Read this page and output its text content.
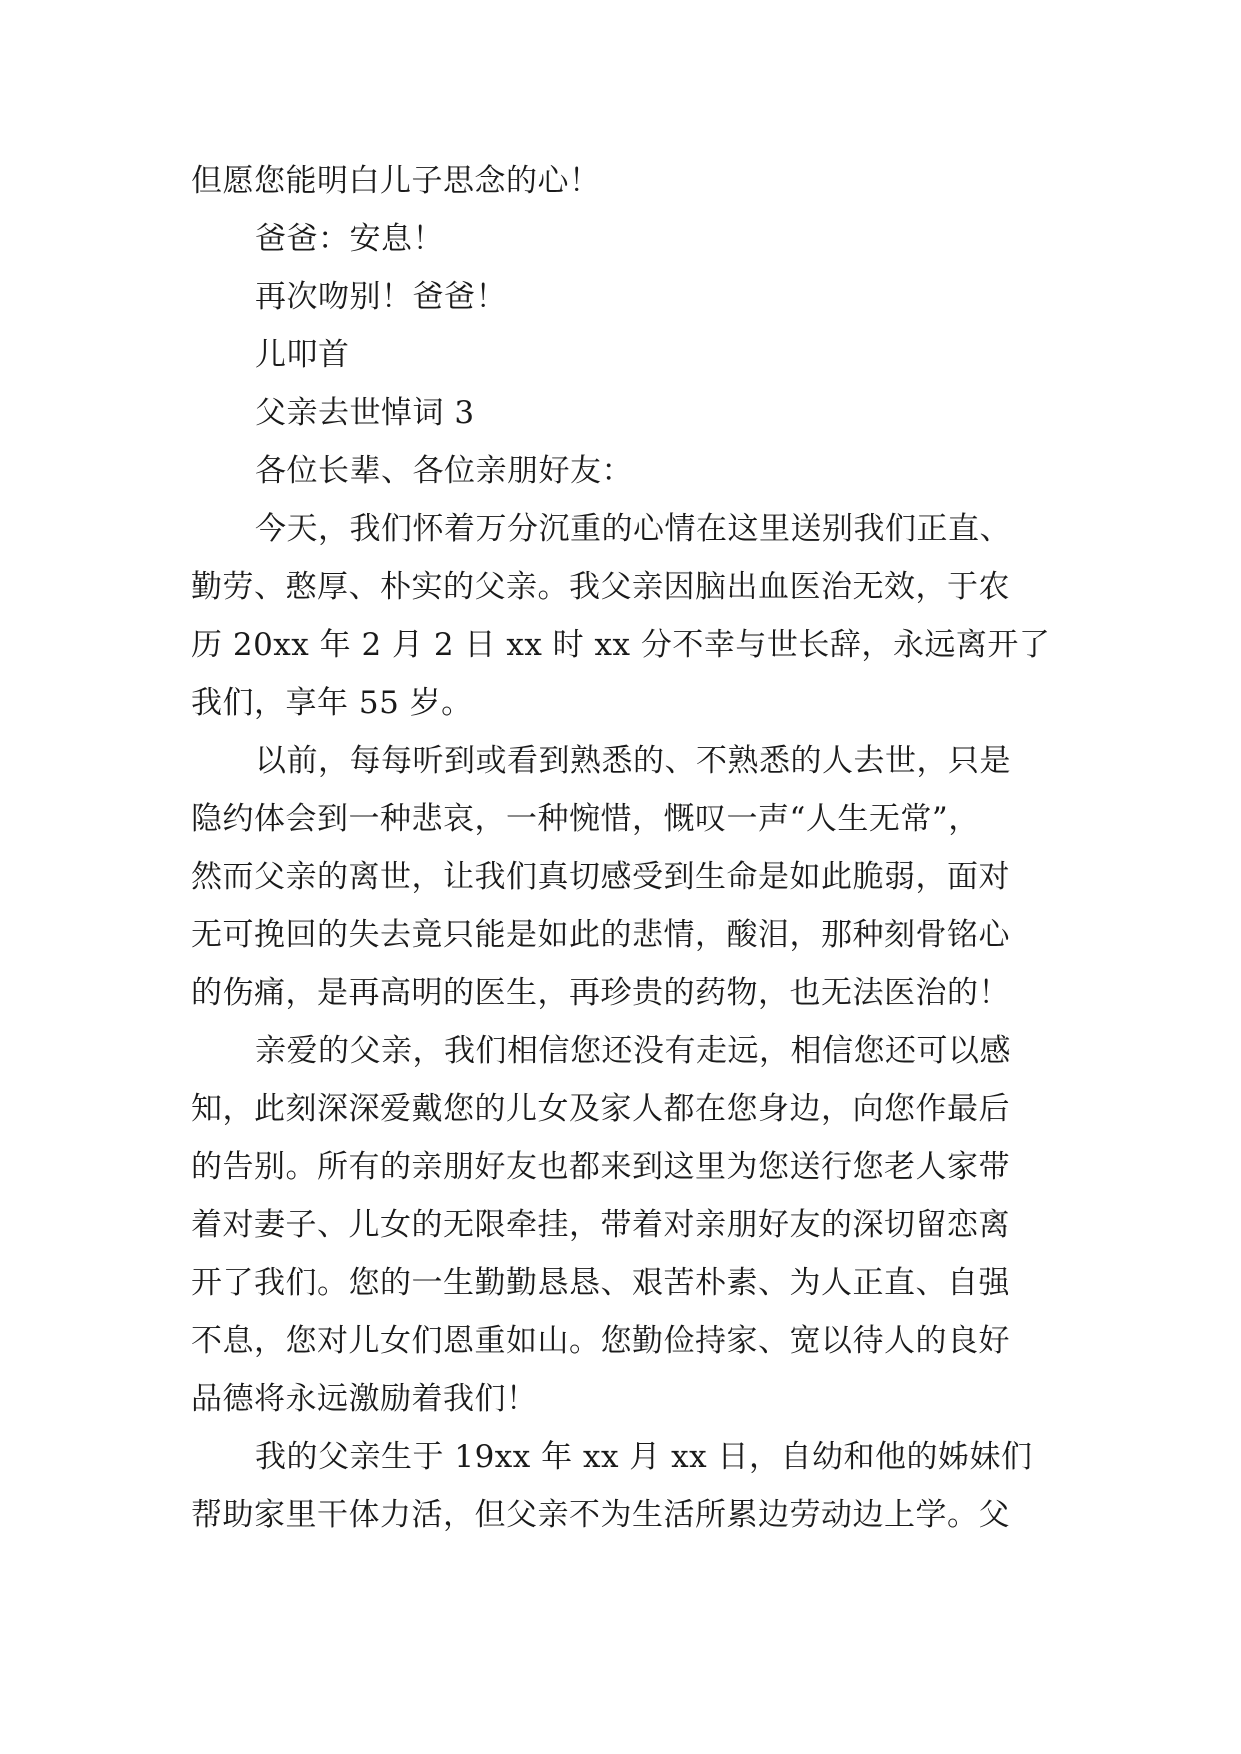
但愿您能明白儿子思念的心！
爸爸：安息！
再次吻别！爸爸！
儿叩首
父亲去世悼词 3
各位长辈、各位亲朋好友：
今天，我们怀着万分沉重的心情在这里送别我们正直、
勤劳、憨厚、朴实的父亲。我父亲因脑出血医治无效，于农
历 20xx 年 2 月 2 日 xx 时 xx 分不幸与世长辞，永远离开了
我们，享年 55 岁。
以前，每每听到或看到熟悉的、不熟悉的人去世，只是
隐约体会到一种悲哀，一种惋惜，慨叹一声“人生无常”，
然而父亲的离世，让我们真切感受到生命是如此脆弱，面对
无可挽回的失去竟只能是如此的悲情，酸泪，那种刻骨铭心
的伤痛，是再高明的医生，再珍贵的药物，也无法医治的！
亲爱的父亲，我们相信您还没有走远，相信您还可以感
知，此刻深深爱戴您的儿女及家人都在您身边，向您作最后
的告别。所有的亲朋好友也都来到这里为您送行您老人家带
着对妻子、儿女的无限牵挂，带着对亲朋好友的深切留恋离
开了我们。您的一生勤勤恳恳、艰苦朴素、为人正直、自强
不息，您对儿女们恩重如山。您勤俭持家、宽以待人的良好
品德将永远激励着我们！
我的父亲生于 19xx 年 xx 月 xx 日，自幼和他的姊妹们
帮助家里干体力活，但父亲不为生活所累边劳动边上学。父
